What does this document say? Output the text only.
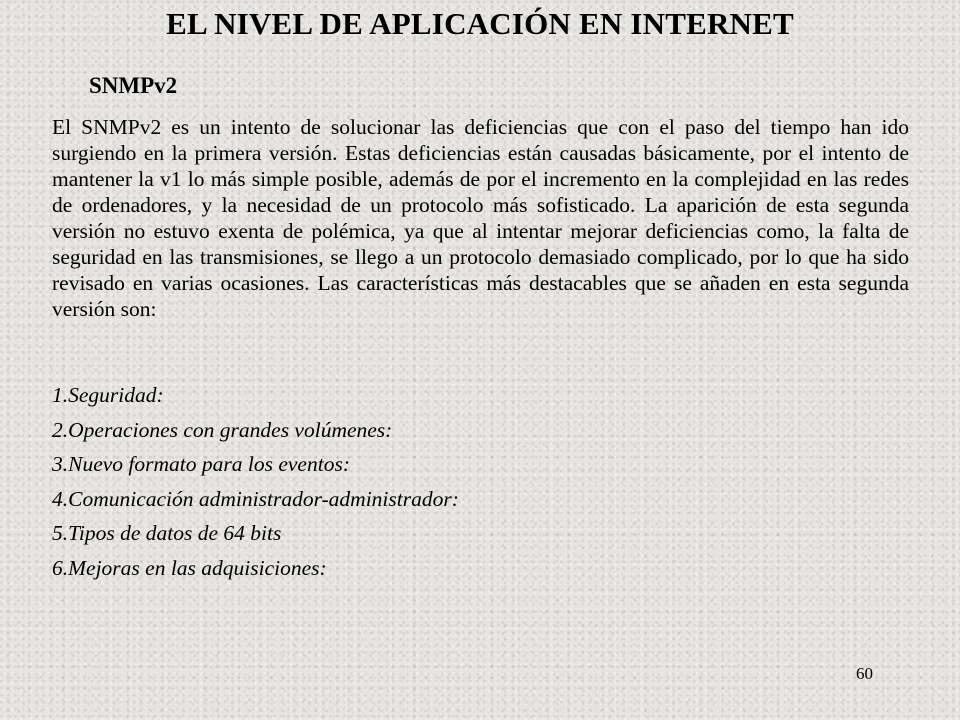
EL NIVEL DE APLICACIÓN EN INTERNET
SNMPv2

El SNMPv2 es un intento de solucionar las deficiencias que con el paso del tiempo han ido surgiendo en la primera versión. Estas deficiencias están causadas básicamente, por el intento de mantener la v1 lo más simple posible, además de por el incremento en la complejidad en las redes de ordenadores, y la necesidad de un protocolo más sofisticado. La aparición de esta segunda versión no estuvo exenta de polémica, ya que al intentar mejorar deficiencias como, la falta de seguridad en las transmisiones, se llego a un protocolo demasiado complicado, por lo que ha sido revisado en varias ocasiones. Las características más destacables que se añaden en esta segunda versión son:

1.Seguridad:
2.Operaciones con grandes volúmenes:
3.Nuevo formato para los eventos:
4.Comunicación administrador-administrador:
5.Tipos de datos de 64 bits
6.Mejoras en las adquisiciones:
60
